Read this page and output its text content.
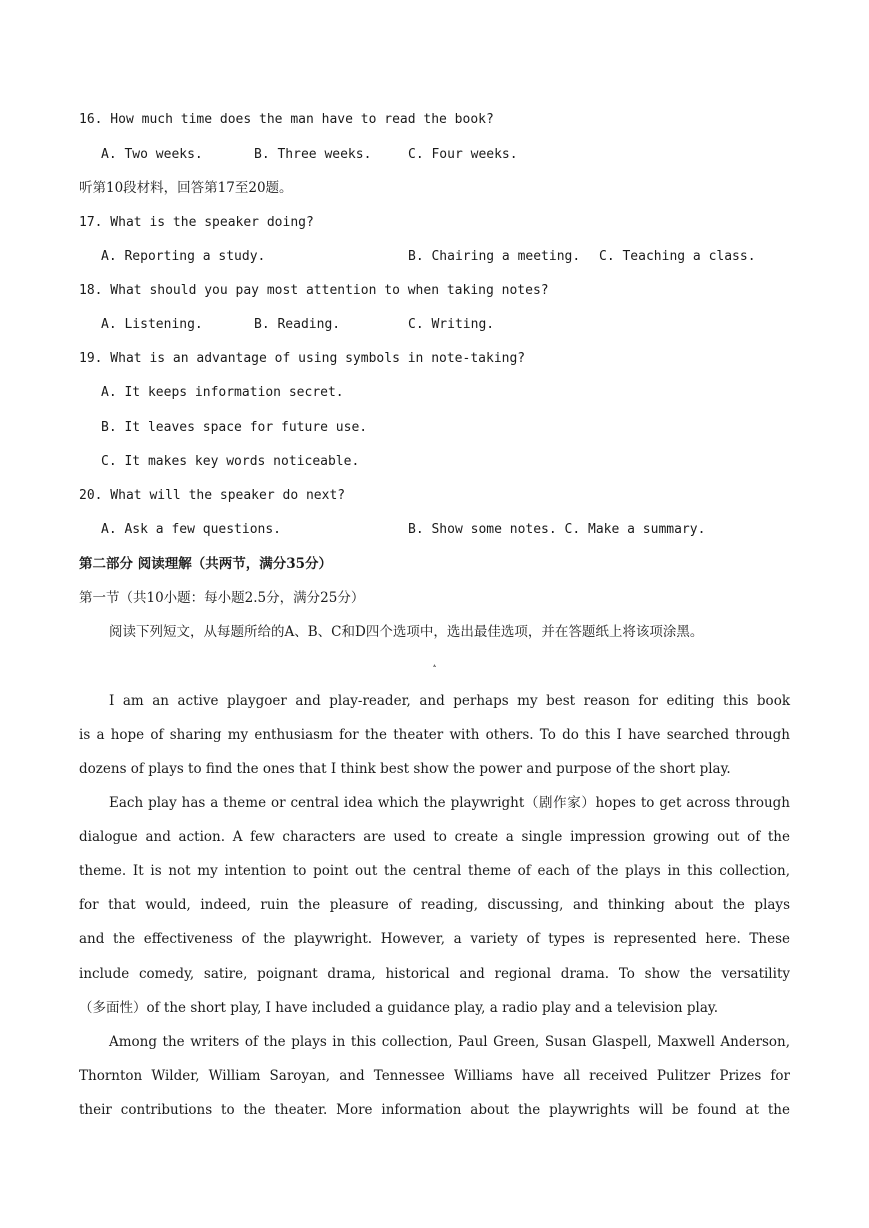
16. How much time does the man have to read the book?
A. Two weeks.	B. Three weeks.	C. Four weeks.
听第10段材料，回答第17至20题。
17. What is the speaker doing?
A. Reporting a study.	B. Chairing a meeting. C. Teaching a class.
18. What should you pay most attention to when taking notes?
A. Listening.	B. Reading.	C. Writing.
19. What is an advantage of using symbols in note-taking?
A. It keeps information secret.
B. It leaves space for future use.
C. It makes key words noticeable.
20. What will the speaker do next?
A. Ask a few questions.	B. Show some notes. C. Make a summary.
第二部分 阅读理解（共两节，满分35分）
第一节（共10小题：每小题2.5分，满分25分）
阅读下列短文，从每题所给的A、B、C和D四个选项中，选出最佳选项，并在答题纸上将该项涂黑。
A
I am an active playgoer and play-reader, and perhaps my best reason for editing this book
is a hope of sharing my enthusiasm for the theater with others. To do this I have searched through
dozens of plays to find the ones that I think best show the power and purpose of the short play.
Each play has a theme or central idea which the playwright（剧作家）hopes to get across through
dialogue and action. A few characters are used to create a single impression growing out of the
theme. It is not my intention to point out the central theme of each of the plays in this collection,
for that would, indeed, ruin the pleasure of reading, discussing, and thinking about the plays
and the effectiveness of the playwright. However, a variety of types is represented here. These
include comedy, satire, poignant drama, historical and regional drama. To show the versatility
（多面性）of the short play, I have included a guidance play, a radio play and a television play.
Among the writers of the plays in this collection, Paul Green, Susan Glaspell, Maxwell Anderson,
Thornton Wilder, William Saroyan, and Tennessee Williams have all received Pulitzer Prizes for
their contributions to the theater. More information about the playwrights will be found at the
